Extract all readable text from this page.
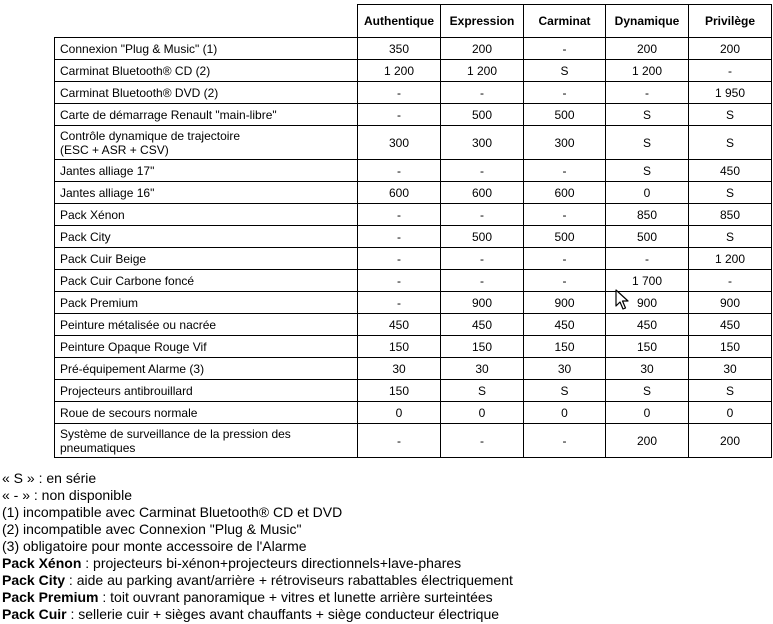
	Authentique	Expression	Carminat	Dynamique	Privilège
Connexion "Plug & Music" (1)	350	200	-	200	200
Carminat Bluetooth® CD (2)	1 200	1 200	S	1 200	-
Carminat Bluetooth® DVD (2)	-	-	-	-	1 950
Carte de démarrage Renault "main-libre"	-	500	500	S	S
Contrôle dynamique de trajectoire
(ESC + ASR + CSV)	300	300	300	S	S
Jantes alliage 17"	-	-	-	S	450
Jantes alliage 16"	600	600	600	0	S
Pack Xénon	-	-	-	850	850
Pack City	-	500	500	500	S
Pack Cuir Beige	-	-	-	-	1 200
Pack Cuir Carbone foncé	-	-	-	1 700	-
Pack Premium	-	900	900	900	900
Peinture métalisée ou nacrée	450	450	450	450	450
Peinture Opaque Rouge Vif	150	150	150	150	150
Pré-équipement Alarme (3)	30	30	30	30	30
Projecteurs antibrouillard	150	S	S	S	S
Roue de secours normale	0	0	0	0	0
Système de surveillance de la pression des
pneumatiques	-	-	-	200	200
« S » : en série
« - » : non disponible
(1) incompatible avec Carminat Bluetooth® CD et DVD
(2) incompatible avec Connexion "Plug & Music"
(3) obligatoire pour monte accessoire de l'Alarme
Pack Xénon : projecteurs bi-xénon+projecteurs directionnels+lave-phares
Pack City : aide au parking avant/arrière + rétroviseurs rabattables électriquement
Pack Premium : toit ouvrant panoramique + vitres et lunette arrière surteintées
Pack Cuir : sellerie cuir + sièges avant chauffants + siège conducteur électrique
